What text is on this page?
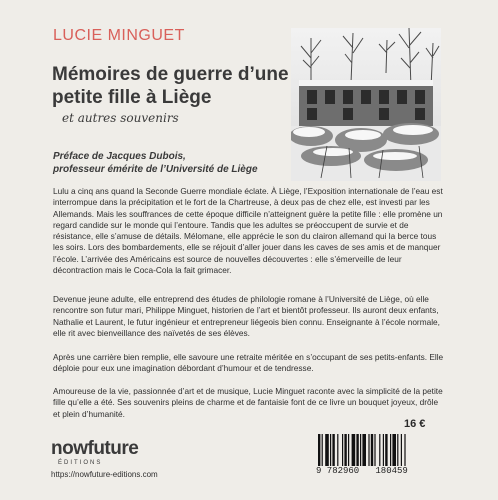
LUCIE MINGUET
Mémoires de guerre d’une petite fille à Liège
et autres souvenirs
Préface de Jacques Dubois,
professeur émérite de l’Université de Liège
Lulu a cinq ans quand la Seconde Guerre mondiale éclate. À Liège, l’Exposition internationale de l’eau est interrompue dans la précipitation et le fort de la Chartreuse, à deux pas de chez elle, est investi par les Allemands. Mais les souffrances de cette époque difficile n’atteignent guère la petite fille : elle promène un regard candide sur le monde qui l’entoure. Tandis que les adultes se préoccupent de survie et de résistance, elle s’amuse de détails. Mélomane, elle apprécie le son du clairon allemand qui la berce tous les soirs. Lors des bombardements, elle se réjouit d’aller jouer dans les caves de ses amis et de manquer l’école. L’arrivée des Américains est source de nouvelles découvertes : elle s’émerveille de leur décontraction mais le Coca-Cola la fait grimacer.
Devenue jeune adulte, elle entreprend des études de philologie romane à l’Université de Liège, où elle rencontre son futur mari, Philippe Minguet, historien de l’art et bientôt professeur. Ils auront deux enfants, Nathalie et Laurent, le futur ingénieur et entrepreneur liégeois bien connu. Enseignante à l’école normale, elle rit avec bienveillance des naïvetés de ses élèves.
Après une carrière bien remplie, elle savoure une retraite méritée en s’occupant de ses petits-enfants. Elle déploie pour eux une imagination débordant d’humour et de tendresse.
Amoureuse de la vie, passionnée d’art et de musique, Lucie Minguet raconte avec la simplicité de la petite fille qu’elle a été. Ses souvenirs pleins de charme et de fantaisie font de ce livre un bouquet joyeux, drôle et plein d’humanité.
nowfuture
ÉDITIONS
https://nowfuture-editions.com
16 €
9 782960   180459
